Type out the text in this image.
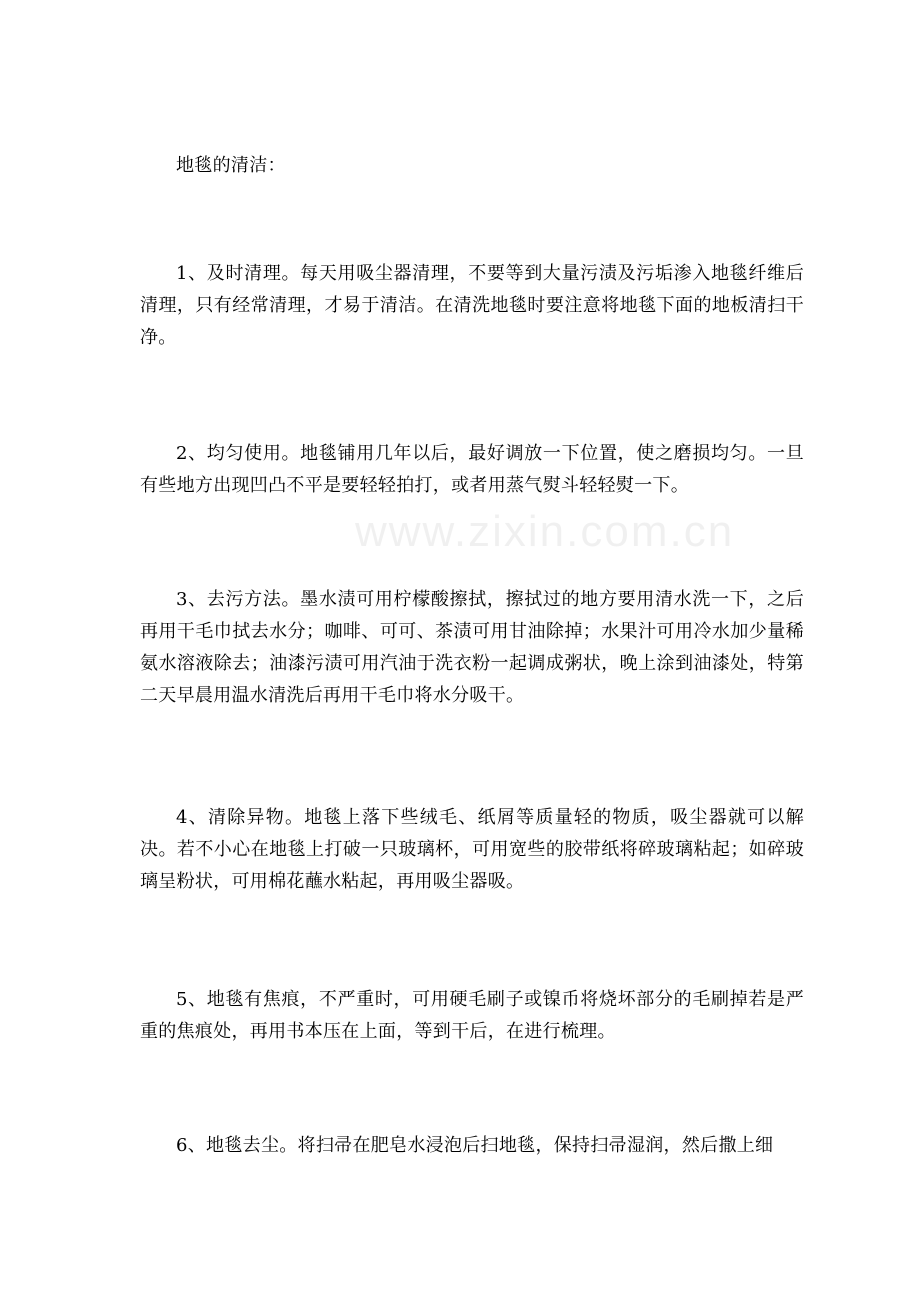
www.zixin.com.cn

地毯的清洁：

1、及时清理。每天用吸尘器清理，不要等到大量污渍及污垢渗入地毯纤维后清理，只有经常清理，才易于清洁。在清洗地毯时要注意将地毯下面的地板清扫干净。

2、均匀使用。地毯铺用几年以后，最好调放一下位置，使之磨损均匀。一旦有些地方出现凹凸不平是要轻轻拍打，或者用蒸气熨斗轻轻熨一下。

3、去污方法。墨水渍可用柠檬酸擦拭，擦拭过的地方要用清水洗一下，之后再用干毛巾拭去水分；咖啡、可可、茶渍可用甘油除掉；水果汁可用冷水加少量稀氨水溶液除去；油漆污渍可用汽油于洗衣粉一起调成粥状，晚上涂到油漆处，特第二天早晨用温水清洗后再用干毛巾将水分吸干。

4、清除异物。地毯上落下些绒毛、纸屑等质量轻的物质，吸尘器就可以解决。若不小心在地毯上打破一只玻璃杯，可用宽些的胶带纸将碎玻璃粘起；如碎玻璃呈粉状，可用棉花蘸水粘起，再用吸尘器吸。

5、地毯有焦痕，不严重时，可用硬毛刷子或镍币将烧坏部分的毛刷掉若是严重的焦痕处，再用书本压在上面，等到干后，在进行梳理。

6、地毯去尘。将扫帚在肥皂水浸泡后扫地毯，保持扫帚湿润，然后撒上细
